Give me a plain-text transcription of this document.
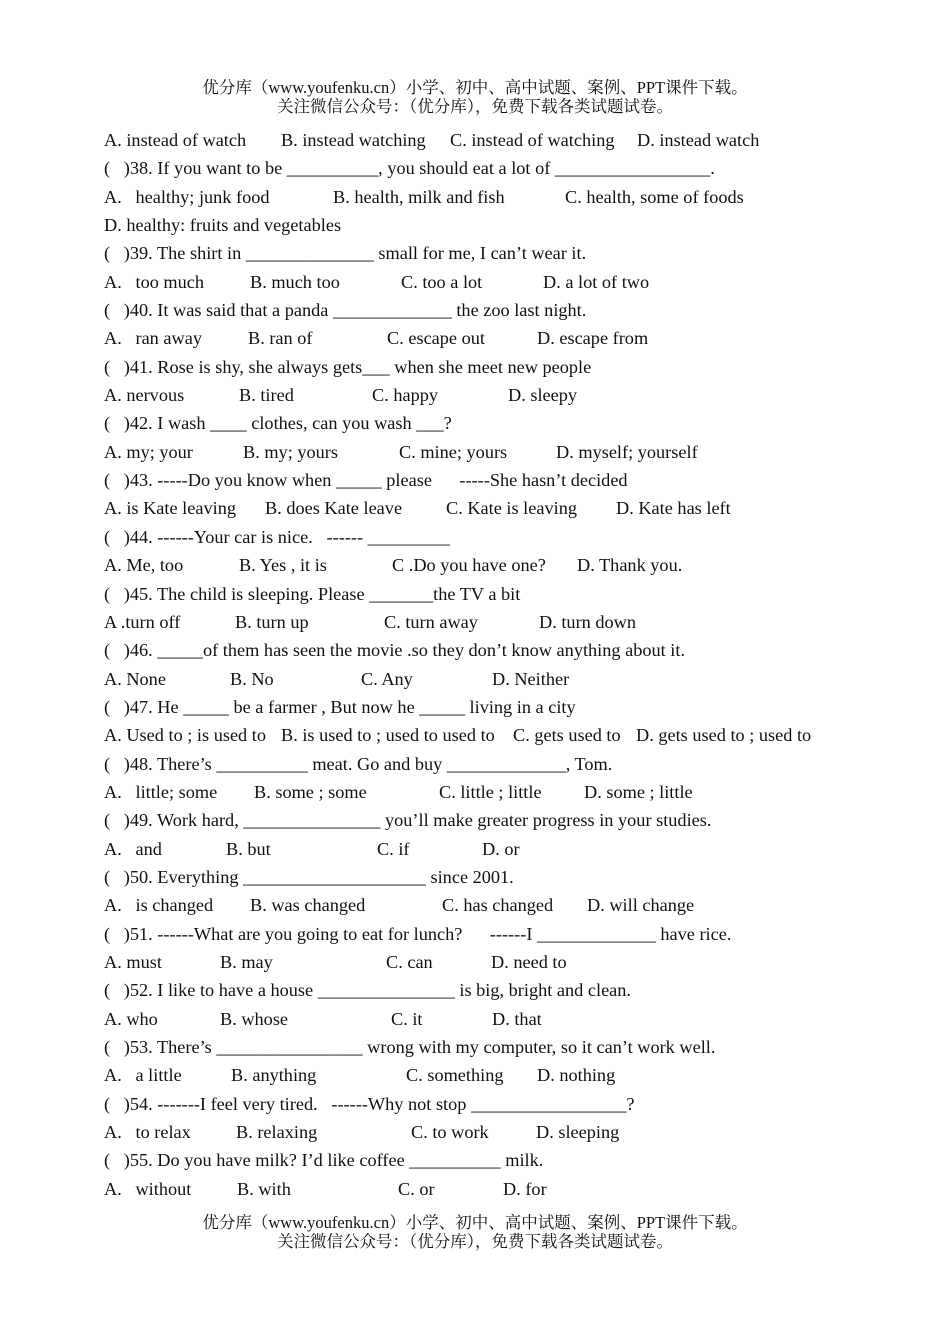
优分库（www.youfenku.cn）小学、初中、高中试题、案例、PPT课件下载。
关注微信公众号：（优分库），免费下载各类试题试卷。
A. instead of watch B. instead watching C. instead of watching D. instead watch
(   )38. If you want to be __________, you should eat a lot of _________________.
A.   healthy; junk food	B. health, milk and fish	C. health, some of foods
D. healthy: fruits and vegetables
(   )39. The shirt in ______________ small for me, I can’t wear it.
A.   too much	B. much too	C. too a lot	D. a lot of two
(   )40. It was said that a panda _____________ the zoo last night.
A.   ran away	B. ran of	C. escape out	D. escape from
(   )41. Rose is shy, she always gets___ when she meet new people
A. nervous	B. tired	C. happy	D. sleepy
(   )42. I wash ____ clothes, can you wash ___?
A. my; your	B. my; yours	C. mine; yours	D. myself; yourself
(   )43. -----Do you know when _____ please      -----She hasn’t decided
A. is Kate leaving B. does Kate leave C. Kate is leaving D. Kate has left
(   )44. ------Your car is nice.   ------ _________
A. Me, too	B. Yes , it is	C .Do you have one? D. Thank you.
(   )45. The child is sleeping. Please _______the TV a bit
A .turn off	B. turn up	C. turn away	D. turn down
(   )46. _____of them has seen the movie .so they don’t know anything about it.
A. None	B. No	C. Any	D. Neither
(   )47. He _____ be a farmer , But now he _____ living in a city
A. Used to ; is used to B. is used to ; used to used to C. gets used to D. gets used to ; used to
(   )48. There’s __________ meat. Go and buy _____________, Tom.
A.   little; some B. some ; some	C. little ; little D. some ; little
(   )49. Work hard, _______________ you’ll make greater progress in your studies.
A.   and	B. but	C. if	D. or
(   )50. Everything ____________________ since 2001.
A.   is changed B. was changed	C. has changed D. will change
(   )51. ------What are you going to eat for lunch?      ------I _____________ have rice.
A. must	B. may	C. can	D. need to
(   )52. I like to have a house _______________ is big, bright and clean.
A. who	B. whose	C. it	D. that
(   )53. There’s ________________ wrong with my computer, so it can’t work well.
A.   a little	B. anything	C. something D. nothing
(   )54. -------I feel very tired.   ------Why not stop _________________?
A.   to relax B. relaxing	C. to work	D. sleeping
(   )55. Do you have milk? I’d like coffee __________ milk.
A.   without B. with	C. or	D. for
优分库（www.youfenku.cn）小学、初中、高中试题、案例、PPT课件下载。
关注微信公众号：（优分库），免费下载各类试题试卷。
